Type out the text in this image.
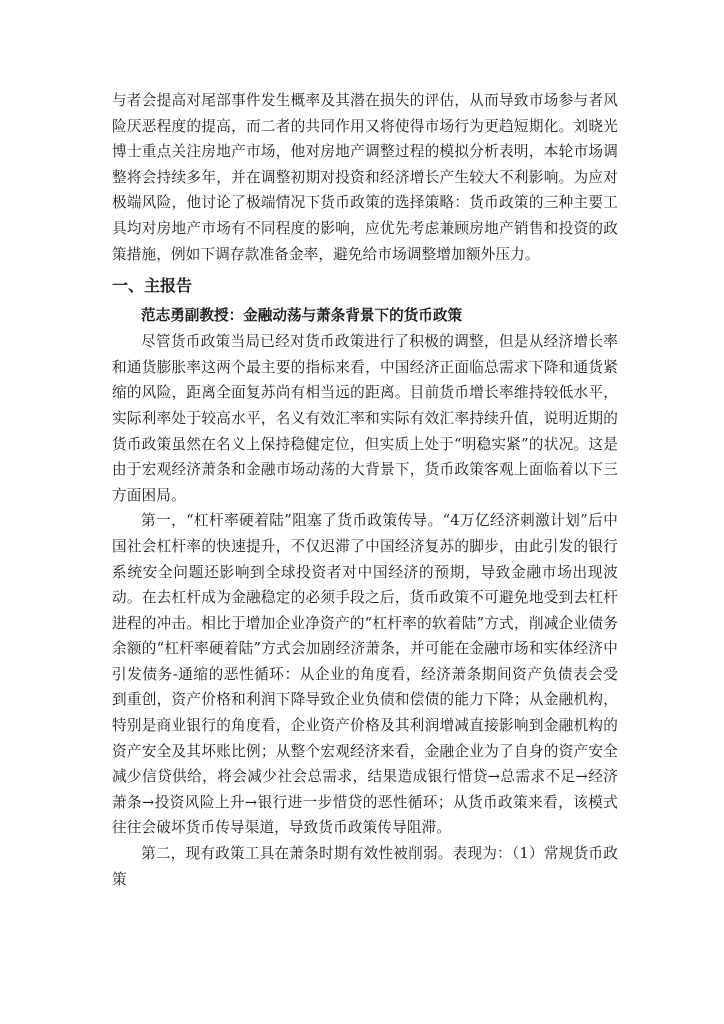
与者会提高对尾部事件发生概率及其潜在损失的评估，从而导致市场参与者风险厌恶程度的提高，而二者的共同作用又将使得市场行为更趋短期化。刘晓光博士重点关注房地产市场，他对房地产调整过程的模拟分析表明，本轮市场调整将会持续多年，并在调整初期对投资和经济增长产生较大不利影响。为应对极端风险，他讨论了极端情况下货币政策的选择策略：货币政策的三种主要工具均对房地产市场有不同程度的影响，应优先考虑兼顾房地产销售和投资的政策措施，例如下调存款准备金率，避免给市场调整增加额外压力。

一、主报告
范志勇副教授：金融动荡与萧条背景下的货币政策

尽管货币政策当局已经对货币政策进行了积极的调整，但是从经济增长率和通货膨胀率这两个最主要的指标来看，中国经济正面临总需求下降和通货紧缩的风险，距离全面复苏尚有相当远的距离。目前货币增长率维持较低水平，实际利率处于较高水平，名义有效汇率和实际有效汇率持续升值，说明近期的货币政策虽然在名义上保持稳健定位，但实质上处于“明稳实紧”的状况。这是由于宏观经济萧条和金融市场动荡的大背景下，货币政策客观上面临着以下三方面困局。

第一，“杠杆率硬着陆”阻塞了货币政策传导。“4万亿经济刺激计划”后中国社会杠杆率的快速提升，不仅迟滞了中国经济复苏的脚步，由此引发的银行系统安全问题还影响到全球投资者对中国经济的预期，导致金融市场出现波动。在去杠杆成为金融稳定的必须手段之后，货币政策不可避免地受到去杠杆进程的冲击。相比于增加企业净资产的“杠杆率的软着陆”方式，削减企业债务余额的“杠杆率硬着陆”方式会加剧经济萧条，并可能在金融市场和实体经济中引发债务-通缩的恶性循环：从企业的角度看，经济萧条期间资产负债表会受到重创，资产价格和利润下降导致企业负债和偿债的能力下降；从金融机构，特别是商业银行的角度看，企业资产价格及其利润增减直接影响到金融机构的资产安全及其坏账比例；从整个宏观经济来看，金融企业为了自身的资产安全减少信贷供给，将会减少社会总需求，结果造成银行惜贷→总需求不足→经济萧条→投资风险上升→银行进一步惜贷的恶性循环；从货币政策来看，该模式往往会破坏货币传导渠道，导致货币政策传导阻滞。

第二，现有政策工具在萧条时期有效性被削弱。表现为：（1）常规货币政策
